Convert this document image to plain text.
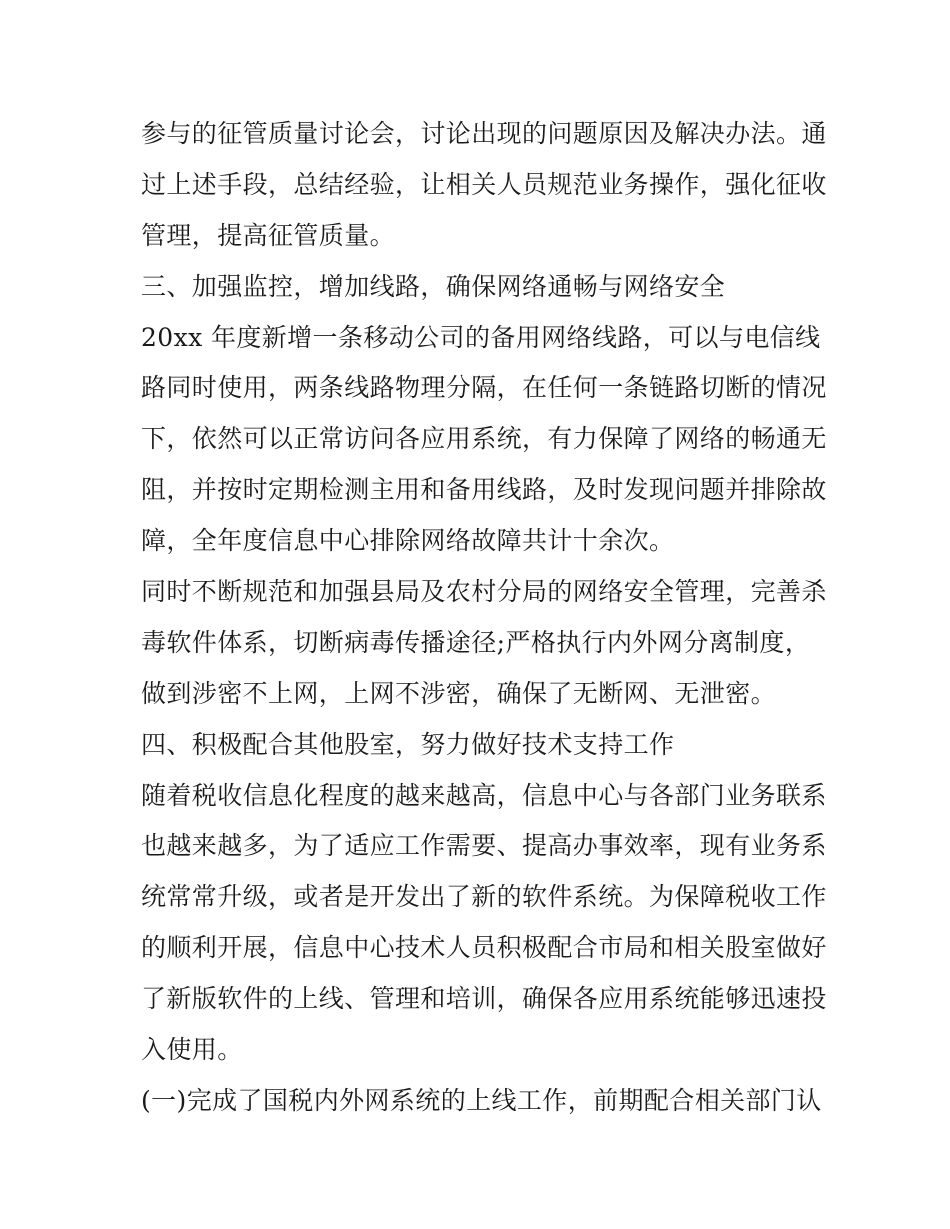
参与的征管质量讨论会，讨论出现的问题原因及解决办法。通
过上述手段，总结经验，让相关人员规范业务操作，强化征收
管理，提高征管质量。
三、加强监控，增加线路，确保网络通畅与网络安全
20xx 年度新增一条移动公司的备用网络线路，可以与电信线
路同时使用，两条线路物理分隔，在任何一条链路切断的情况
下，依然可以正常访问各应用系统，有力保障了网络的畅通无
阻，并按时定期检测主用和备用线路，及时发现问题并排除故
障，全年度信息中心排除网络故障共计十余次。
同时不断规范和加强县局及农村分局的网络安全管理，完善杀
毒软件体系，切断病毒传播途径;严格执行内外网分离制度，
做到涉密不上网，上网不涉密，确保了无断网、无泄密。
四、积极配合其他股室，努力做好技术支持工作
随着税收信息化程度的越来越高，信息中心与各部门业务联系
也越来越多，为了适应工作需要、提高办事效率，现有业务系
统常常升级，或者是开发出了新的软件系统。为保障税收工作
的顺利开展，信息中心技术人员积极配合市局和相关股室做好
了新版软件的上线、管理和培训，确保各应用系统能够迅速投
入使用。
(一)完成了国税内外网系统的上线工作，前期配合相关部门认
